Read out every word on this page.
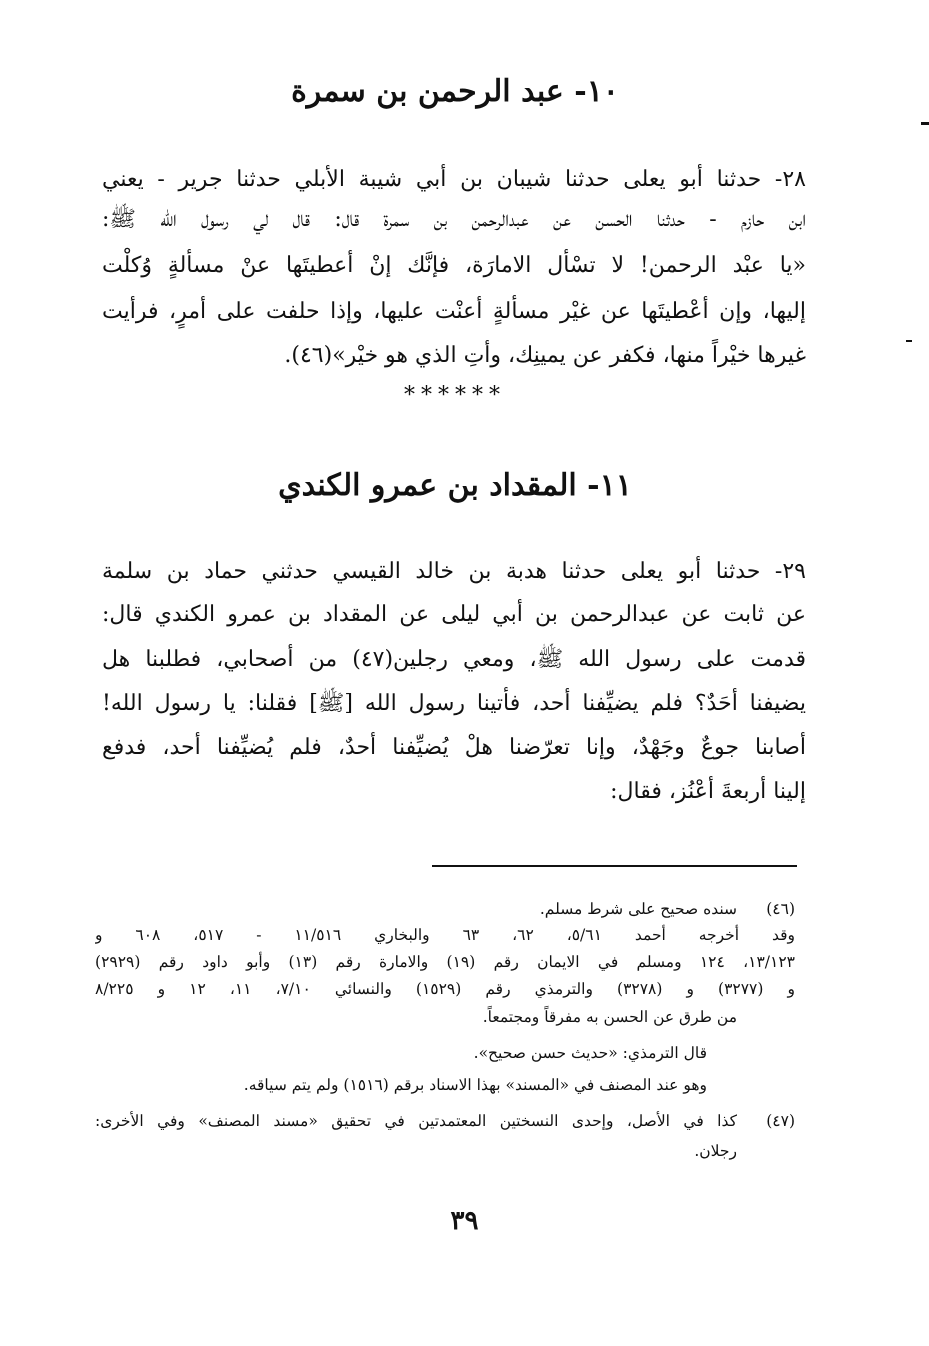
١٠- عبد الرحمن بن سمرة
٢٨- حدثنا أبو يعلى حدثنا شيبان بن أبي شيبة الأبلي حدثنا جرير - يعني
ابن حازم - حدثنا الحسن عن عبدالرحمن بن سمرة قال: قال لي رسول الله ﷺ:
«يا عبْد الرحمن! لا تسْأل الامارَة، فإنَّك إنْ أعطيتَها عنْ مسألةٍ وُكلْت
إليها، وإن أعْطيتَها عن غيْر مسألةٍ أعنْت عليها، وإذا حلفت على أمرٍ، فرأيت
غيرها خيْراً منها، فكفر عن يمينِك، وأتِ الذي هو خيْر»(٤٦).
******
١١- المقداد بن عمرو الكندي
٢٩- حدثنا أبو يعلى حدثنا هدبة بن خالد القيسي حدثني حماد بن سلمة
عن ثابت عن عبدالرحمن بن أبي ليلى عن المقداد بن عمرو الكندي قال:
قدمت على رسول الله ﷺ، ومعي رجلين(٤٧) من أصحابي، فطلبنا هل
يضيفنا أحَدٌ؟ فلم يضيِّفنا أحد، فأتينا رسول الله [ﷺ] فقلنا: يا رسول الله!
أصابنا جوعٌ وجَهْدٌ، وإنا تعرّضنا هلْ يُضيِّفنا أحدٌ، فلم يُضيِّفنا أحد، فدفع
إلينا أربعةَ أعْنُز، فقال:
(٤٦)
سنده صحيح على شرط مسلم.
وقد أخرجه أحمد ٥/٦١، ٦٢، ٦٣ والبخاري ١١/٥١٦ - ٥١٧، ٦٠٨ و
١٣/١٢٣، ١٢٤ ومسلم في الايمان رقم (١٩) والامارة رقم (١٣) وأبو داود رقم (٢٩٢٩)
و (٣٢٧٧) و (٣٢٧٨) والترمذي رقم (١٥٢٩) والنسائي ٧/١٠، ١١، ١٢ و ٨/٢٢٥
من طرق عن الحسن به مفرقاً ومجتمعاً.
قال الترمذي: «حديث حسن صحيح».
وهو عند المصنف في «المسند» بهذا الاسناد برقم (١٥١٦) ولم يتم سياقه.
(٤٧)
كذا في الأصل، وإحدى النسختين المعتمدتين في تحقيق «مسند المصنف» وفي الأخرى:
رجلان.
٣٩
